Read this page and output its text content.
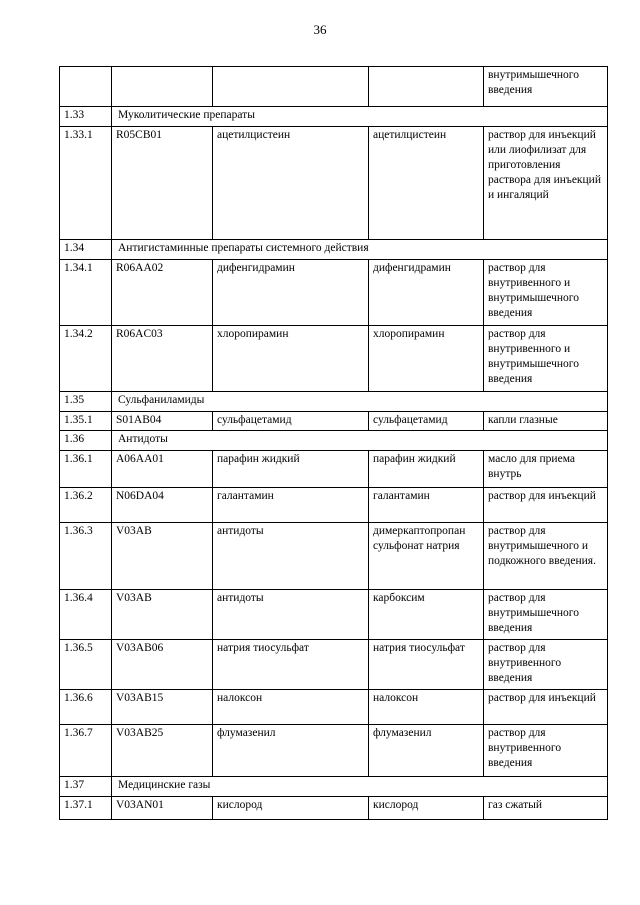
36
				внутримышечного введения
1.33	Муколитические препараты			
1.33.1	R05CB01	ацетилцистеин	ацетилцистеин	раствор для инъекций или лиофилизат для приготовления раствора для инъекций и ингаляций
1.34	Антигистаминные препараты системного действия			
1.34.1	R06AA02	дифенгидрамин	дифенгидрамин	раствор для внутривенного и внутримышечного введения
1.34.2	R06AC03	хлоропирамин	хлоропирамин	раствор для внутривенного и внутримышечного введения
1.35	Сульфаниламиды			
1.35.1	S01AB04	сульфацетамид	сульфацетамид	капли глазные
1.36	Антидоты			
1.36.1	A06AA01	парафин жидкий	парафин жидкий	масло для приема внутрь
1.36.2	N06DA04	галантамин	галантамин	раствор для инъекций
1.36.3	V03AB	антидоты	димеркаптопропан сульфонат натрия	раствор для внутримышечного и подкожного введения.
1.36.4	V03AB	антидоты	карбоксим	раствор для внутримышечного введения
1.36.5	V03AB06	натрия тиосульфат	натрия тиосульфат	раствор для внутривенного введения
1.36.6	V03AB15	налоксон	налоксон	раствор для инъекций
1.36.7	V03AB25	флумазенил	флумазенил	раствор для внутривенного введения
1.37	Медицинские газы			
1.37.1	V03AN01	кислород	кислород	газ сжатый
